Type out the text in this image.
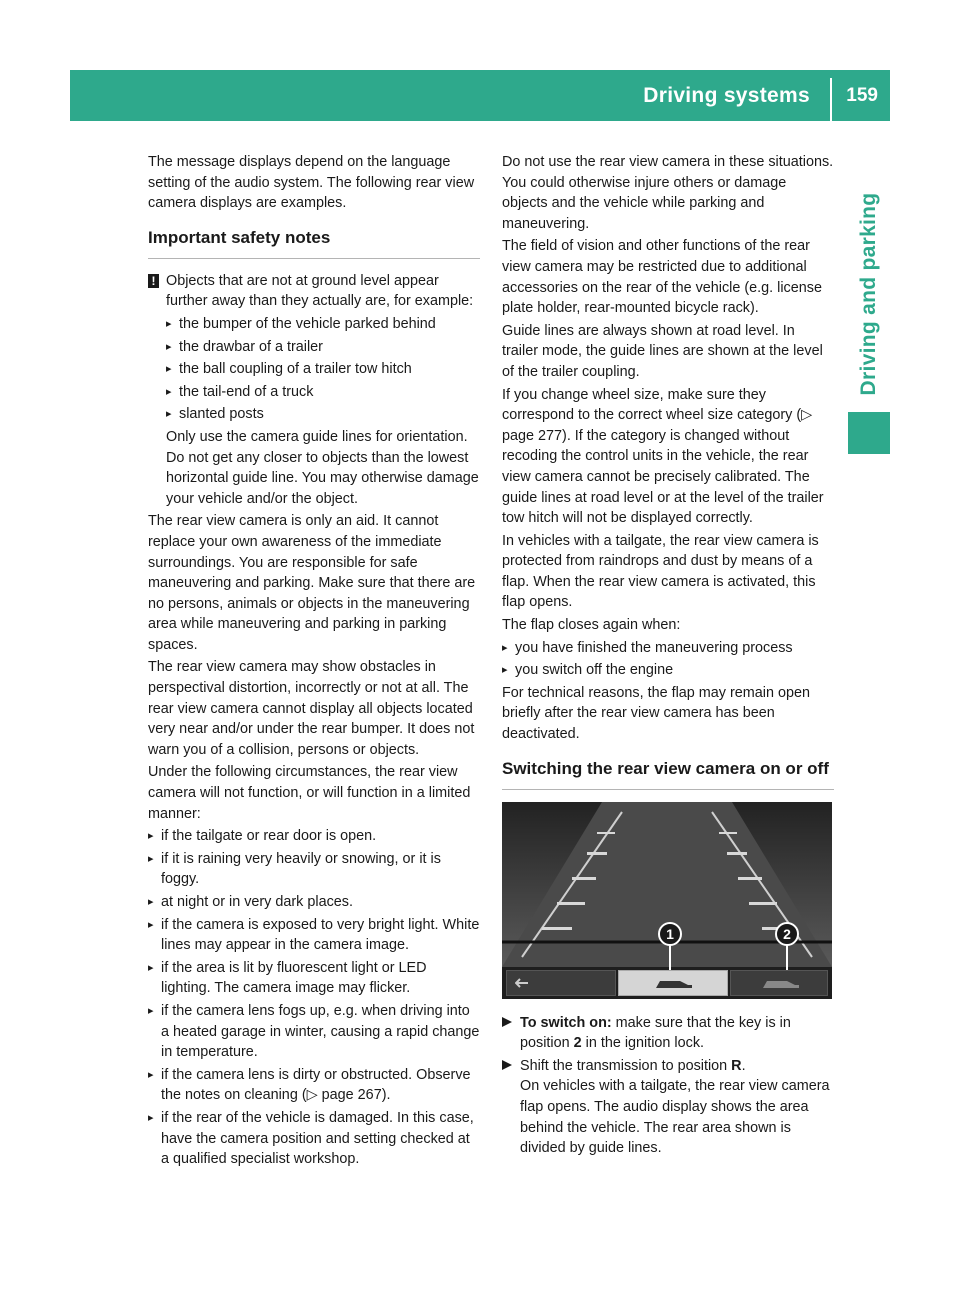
Driving systems	159
Driving and parking

The message displays depend on the language setting of the audio system. The following rear view camera displays are examples.

Important safety notes
! Objects that are not at ground level appear further away than they actually are, for example:

▸ the bumper of the vehicle parked behind
▸ the drawbar of a trailer
▸ the ball coupling of a trailer tow hitch
▸ the tail-end of a truck
▸ slanted posts

Only use the camera guide lines for orientation. Do not get any closer to objects than the lowest horizontal guide line. You may otherwise damage your vehicle and/or the object.

The rear view camera is only an aid. It cannot replace your own awareness of the immediate surroundings. You are responsible for safe maneuvering and parking. Make sure that there are no persons, animals or objects in the maneuvering area while maneuvering and parking in parking spaces.

The rear view camera may show obstacles in perspectival distortion, incorrectly or not at all. The rear view camera cannot display all objects located very near and/or under the rear bumper. It does not warn you of a collision, persons or objects.

Under the following circumstances, the rear view camera will not function, or will function in a limited manner:

▸ if the tailgate or rear door is open.
▸ if it is raining very heavily or snowing, or it is foggy.
▸ at night or in very dark places.
▸ if the camera is exposed to very bright light. White lines may appear in the camera image.
▸ if the area is lit by fluorescent light or LED lighting. The camera image may flicker.
▸ if the camera lens fogs up, e.g. when driving into a heated garage in winter, causing a rapid change in temperature.
▸ if the camera lens is dirty or obstructed. Observe the notes on cleaning (▷ page 267).
▸ if the rear of the vehicle is damaged. In this case, have the camera position and setting checked at a qualified specialist workshop.

Do not use the rear view camera in these situations. You could otherwise injure others or damage objects and the vehicle while parking and maneuvering.

The field of vision and other functions of the rear view camera may be restricted due to additional accessories on the rear of the vehicle (e.g. license plate holder, rear-mounted bicycle rack).

Guide lines are always shown at road level. In trailer mode, the guide lines are shown at the level of the trailer coupling.

If you change wheel size, make sure they correspond to the correct wheel size category (▷ page 277). If the category is changed without recoding the control units in the vehicle, the rear view camera cannot be precisely calibrated. The guide lines at road level or at the level of the trailer tow hitch will not be displayed correctly.

In vehicles with a tailgate, the rear view camera is protected from raindrops and dust by means of a flap. When the rear view camera is activated, this flap opens.

The flap closes again when:

▸ you have finished the maneuvering process
▸ you switch off the engine

For technical reasons, the flap may remain open briefly after the rear view camera has been deactivated.

Switching the rear view camera on or off
1	2
To switch on: make sure that the key is in position 2 in the ignition lock.
Shift the transmission to position R.
On vehicles with a tailgate, the rear view camera flap opens. The audio display shows the area behind the vehicle. The rear area shown is divided by guide lines.
